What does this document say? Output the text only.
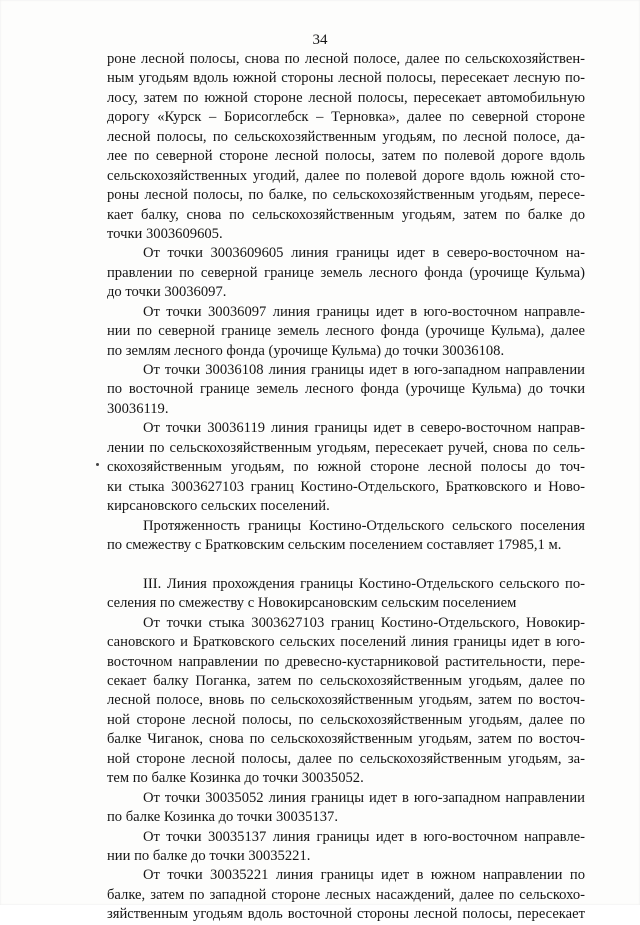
34
роне лесной полосы, снова по лесной полосе, далее по сельскохозяйствен-
ным угодьям вдоль южной стороны лесной полосы, пересекает лесную по-
лосу, затем по южной стороне лесной полосы, пересекает автомобильную
дорогу «Курск – Борисоглебск – Терновка», далее по северной стороне
лесной полосы, по сельскохозяйственным угодьям, по лесной полосе, да-
лее по северной стороне лесной полосы, затем по полевой дороге вдоль
сельскохозяйственных угодий, далее по полевой дороге вдоль южной сто-
роны лесной полосы, по балке, по сельскохозяйственным угодьям, пересе-
кает балку, снова по сельскохозяйственным угодьям, затем по балке до
точки 3003609605.
От точки 3003609605 линия границы идет в северо-восточном на-
правлении по северной границе земель лесного фонда (урочище Кульма)
до точки 30036097.
От точки 30036097 линия границы идет в юго-восточном направле-
нии по северной границе земель лесного фонда (урочище Кульма), далее
по землям лесного фонда (урочище Кульма) до точки 30036108.
От точки 30036108 линия границы идет в юго-западном направлении
по восточной границе земель лесного фонда (урочище Кульма) до точки
30036119.
От точки 30036119 линия границы идет в северо-восточном направ-
лении по сельскохозяйственным угодьям, пересекает ручей, снова по сель-
скохозяйственным угодьям, по южной стороне лесной полосы до точ-
ки стыка 3003627103 границ Костино-Отдельского, Братковского и Ново-
кирсановского сельских поселений.
Протяженность границы Костино-Отдельского сельского поселения
по смежеству с Братковским сельским поселением составляет 17985,1 м.
III. Линия прохождения границы Костино-Отдельского сельского по-
селения по смежеству с Новокирсановским сельским поселением
От точки стыка 3003627103 границ Костино-Отдельского, Новокир-
сановского и Братковского сельских поселений линия границы идет в юго-
восточном направлении по древесно-кустарниковой растительности, пере-
секает балку Поганка, затем по сельскохозяйственным угодьям, далее по
лесной полосе, вновь по сельскохозяйственным угодьям, затем по восточ-
ной стороне лесной полосы, по сельскохозяйственным угодьям, далее по
балке Чиганок, снова по сельскохозяйственным угодьям, затем по восточ-
ной стороне лесной полосы, далее по сельскохозяйственным угодьям, за-
тем по балке Козинка до точки 30035052.
От точки 30035052 линия границы идет в юго-западном направлении
по балке Козинка до точки 30035137.
От точки 30035137 линия границы идет в юго-восточном направле-
нии по балке до точки 30035221.
От точки 30035221 линия границы идет в южном направлении по
балке, затем по западной стороне лесных насаждений, далее по сельскохо-
зяйственным угодьям вдоль восточной стороны лесной полосы, пересекает
